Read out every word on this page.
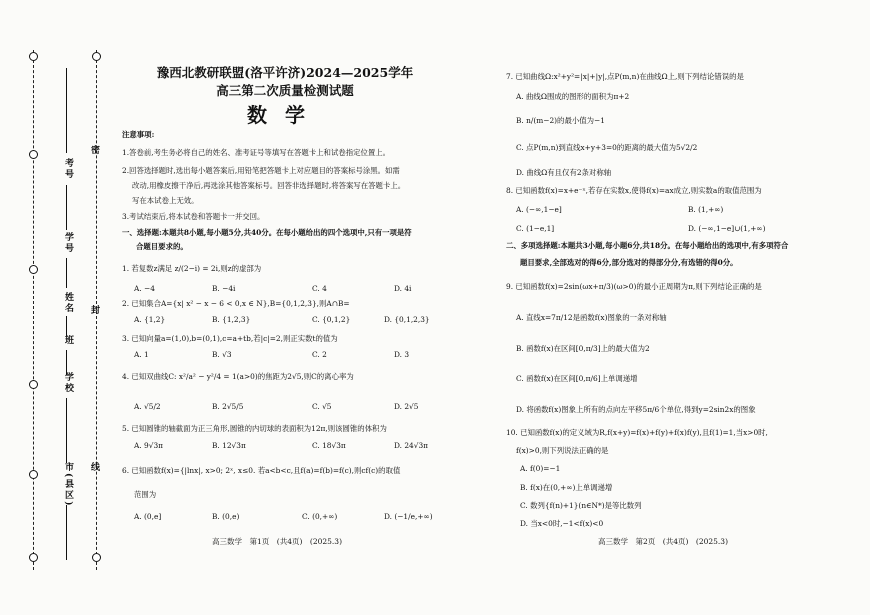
考号
学号
姓名
班
学校
市(县区)
密
封
线
豫西北教研联盟(洛平许济)2024—2025学年
高三第二次质量检测试题
数学
注意事项:
1.答卷前,考生务必将自己的姓名、准考证号等填写在答题卡上和试卷指定位置上。
2.回答选择题时,选出每小题答案后,用铅笔把答题卡上对应题目的答案标号涂黑。如需
改动,用橡皮擦干净后,再选涂其他答案标号。回答非选择题时,将答案写在答题卡上。
写在本试卷上无效。
3.考试结束后,将本试卷和答题卡一并交回。
一、选择题:本题共8小题,每小题5分,共40分。在每小题给出的四个选项中,只有一项是符
合题目要求的。
1. 若复数z满足 z/(2−i) = 2i,则z的虚部为
A. −4	B. −4i	C. 4	D. 4i
2. 已知集合A={x| x² − x − 6 < 0,x ∈ N},B={0,1,2,3},则A∩B=
A. {1,2}	B. {1,2,3}	C. {0,1,2}	D. {0,1,2,3}
3. 已知向量a=(1,0),b=(0,1),c=a+tb,若|c|=2,则正实数t的值为
A. 1	B. √3	C. 2	D. 3
4. 已知双曲线C: x²/a² − y²/4 = 1(a>0)的焦距为2√5,则C的离心率为
A. √5/2	B. 2√5/5	C. √5	D. 2√5
5. 已知圆锥的轴截面为正三角形,圆锥的内切球的表面积为12π,则该圆锥的体积为
A. 9√3π	B. 12√3π	C. 18√3π	D. 24√3π
6. 已知函数f(x)={|lnx|, x>0; 2ˣ, x≤0. 若a<b<c,且f(a)=f(b)=f(c),则cf(c)的取值
范围为
A. (0,e]	B. (0,e)	C. (0,+∞)	D. (−1/e,+∞)
高三数学　第1页　(共4页)　(2025.3)
7. 已知曲线Ω:x²+y²=|x|+|y|,点P(m,n)在曲线Ω上,则下列结论错误的是
A. 曲线Ω围成的图形的面积为π+2
B. n/(m−2)的最小值为−1
C. 点P(m,n)到直线x+y+3=0的距离的最大值为5√2/2
D. 曲线Ω有且仅有2条对称轴
8. 已知函数f(x)=x+e⁻ˣ,若存在实数x,使得f(x)=ax成立,则实数a的取值范围为
A. (−∞,1−e]	B. (1,+∞)
C. (1−e,1]	D. (−∞,1−e]∪(1,+∞)
二、多项选择题:本题共3小题,每小题6分,共18分。在每小题给出的选项中,有多项符合
题目要求,全部选对的得6分,部分选对的得部分分,有选错的得0分。
9. 已知函数f(x)=2sin(ωx+π/3)(ω>0)的最小正周期为π,则下列结论正确的是
A. 直线x=7π/12是函数f(x)图象的一条对称轴
B. 函数f(x)在区间[0,π/3]上的最大值为2
C. 函数f(x)在区间[0,π/6]上单调递增
D. 将函数f(x)图象上所有的点向左平移5π/6个单位,得到y=2sin2x的图象
10. 已知函数f(x)的定义域为R,f(x+y)=f(x)+f(y)+f(x)f(y),且f(1)=1,当x>0时,
f(x)>0,则下列说法正确的是
A. f(0)=−1
B. f(x)在(0,+∞)上单调递增
C. 数列{f(n)+1}(n∈N*)是等比数列
D. 当x<0时,−1<f(x)<0
高三数学　第2页　(共4页)　(2025.3)
